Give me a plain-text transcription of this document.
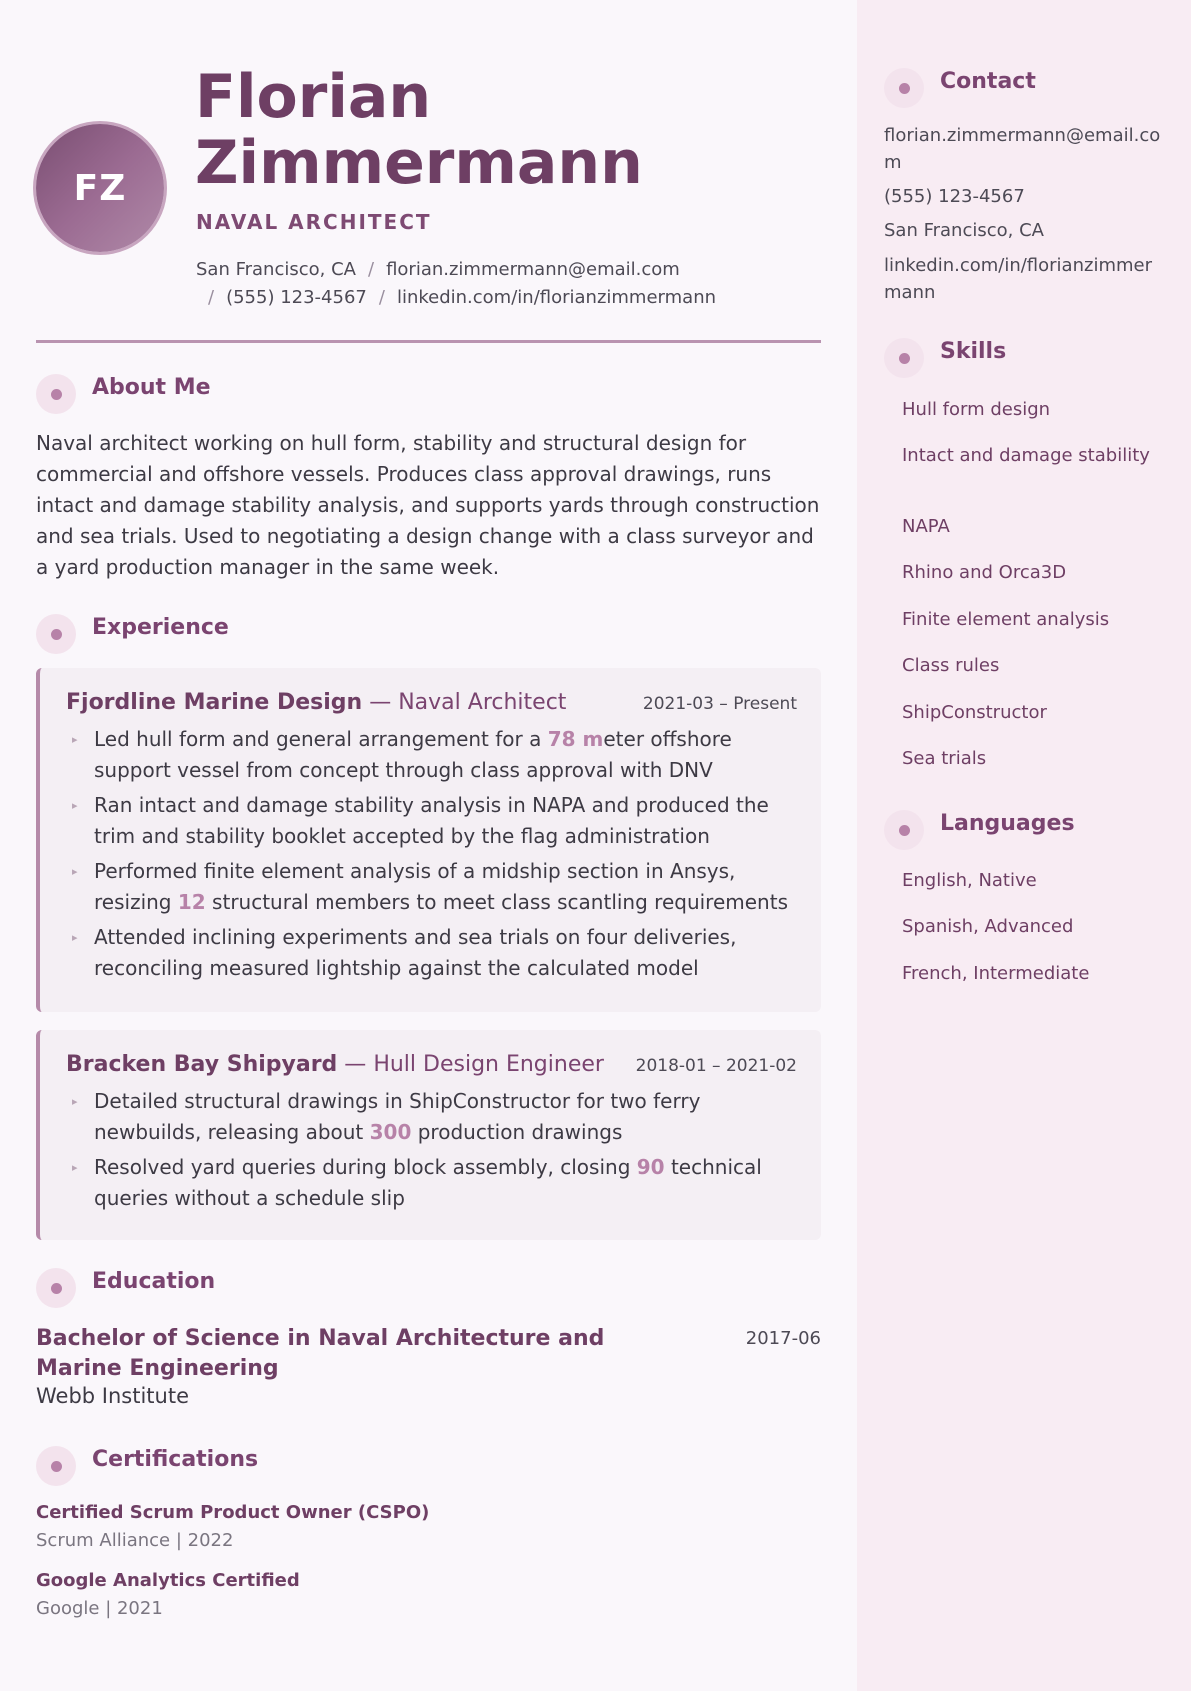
FZ
Florian Zimmermann
NAVAL ARCHITECT
San Francisco, CA / florian.zimmermann@email.com
/ (555) 123-4567 / linkedin.com/in/florianzimmermann
About Me
Naval architect working on hull form, stability and structural design for commercial and offshore vessels. Produces class approval drawings, runs intact and damage stability analysis, and supports yards through construction and sea trials. Used to negotiating a design change with a class surveyor and a yard production manager in the same week.
Experience
Fjordline Marine Design — Naval Architect	2021-03 – Present
▸ Led hull form and general arrangement for a 78 meter offshore support vessel from concept through class approval with DNV
▸ Ran intact and damage stability analysis in NAPA and produced the trim and stability booklet accepted by the flag administration
▸ Performed finite element analysis of a midship section in Ansys, resizing 12 structural members to meet class scantling requirements
▸ Attended inclining experiments and sea trials on four deliveries, reconciling measured lightship against the calculated model
Bracken Bay Shipyard — Hull Design Engineer 2018-01 – 2021-02
▸ Detailed structural drawings in ShipConstructor for two ferry newbuilds, releasing about 300 production drawings
▸ Resolved yard queries during block assembly, closing 90 technical queries without a schedule slip
Education
Bachelor of Science in Naval Architecture and Marine Engineering
2017-06
Webb Institute
Certifications
Certified Scrum Product Owner (CSPO)
Scrum Alliance | 2022
Google Analytics Certified
Google | 2021
Contact
florian.zimmermann@email.com
(555) 123-4567
San Francisco, CA
linkedin.com/in/florianzimmermann
Skills
Hull form design
Intact and damage stability
NAPA
Rhino and Orca3D
Finite element analysis
Class rules
ShipConstructor
Sea trials
Languages
English, Native
Spanish, Advanced
French, Intermediate
